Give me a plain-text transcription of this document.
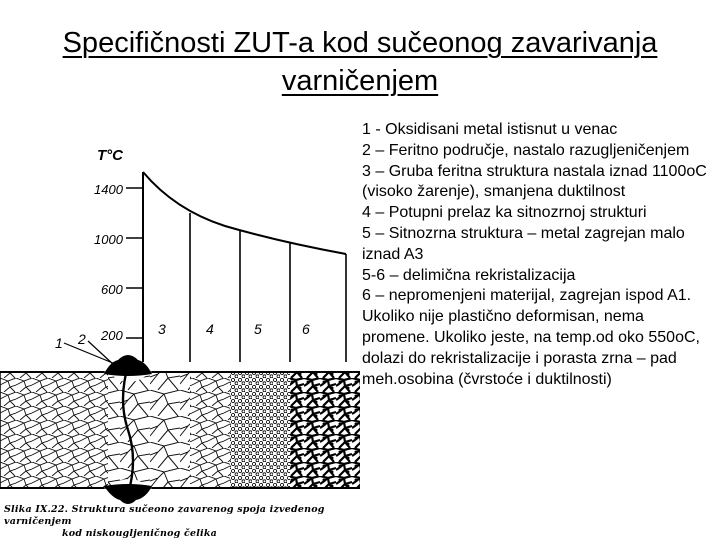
Specifičnosti ZUT-a kod sučeonog zavarivanja varničenjem
T°C
1400
1000
600
200	3	4	5	6
1 2
Slika IX.22. Struktura sučeono zavarenog spoja izvedenog varničenjem
kod niskougljeničnog čelika
1 - Oksidisani metal istisnut u venac
2 – Feritno područje, nastalo razugljeničenjem
3 – Gruba feritna struktura nastala iznad 1100oC (visoko žarenje), smanjena duktilnost
4 – Potupni prelaz ka sitnozrnoj strukturi
5 – Sitnozrna struktura – metal zagrejan malo iznad A3
5-6 – delimična rekristalizacija
6 – nepromenjeni materijal, zagrejan ispod A1. Ukoliko nije plastično deformisan, nema promene. Ukoliko jeste, na temp.od oko 550oC, dolazi do rekristalizacije i porasta zrna – pad meh.osobina (čvrstoće i duktilnosti)
